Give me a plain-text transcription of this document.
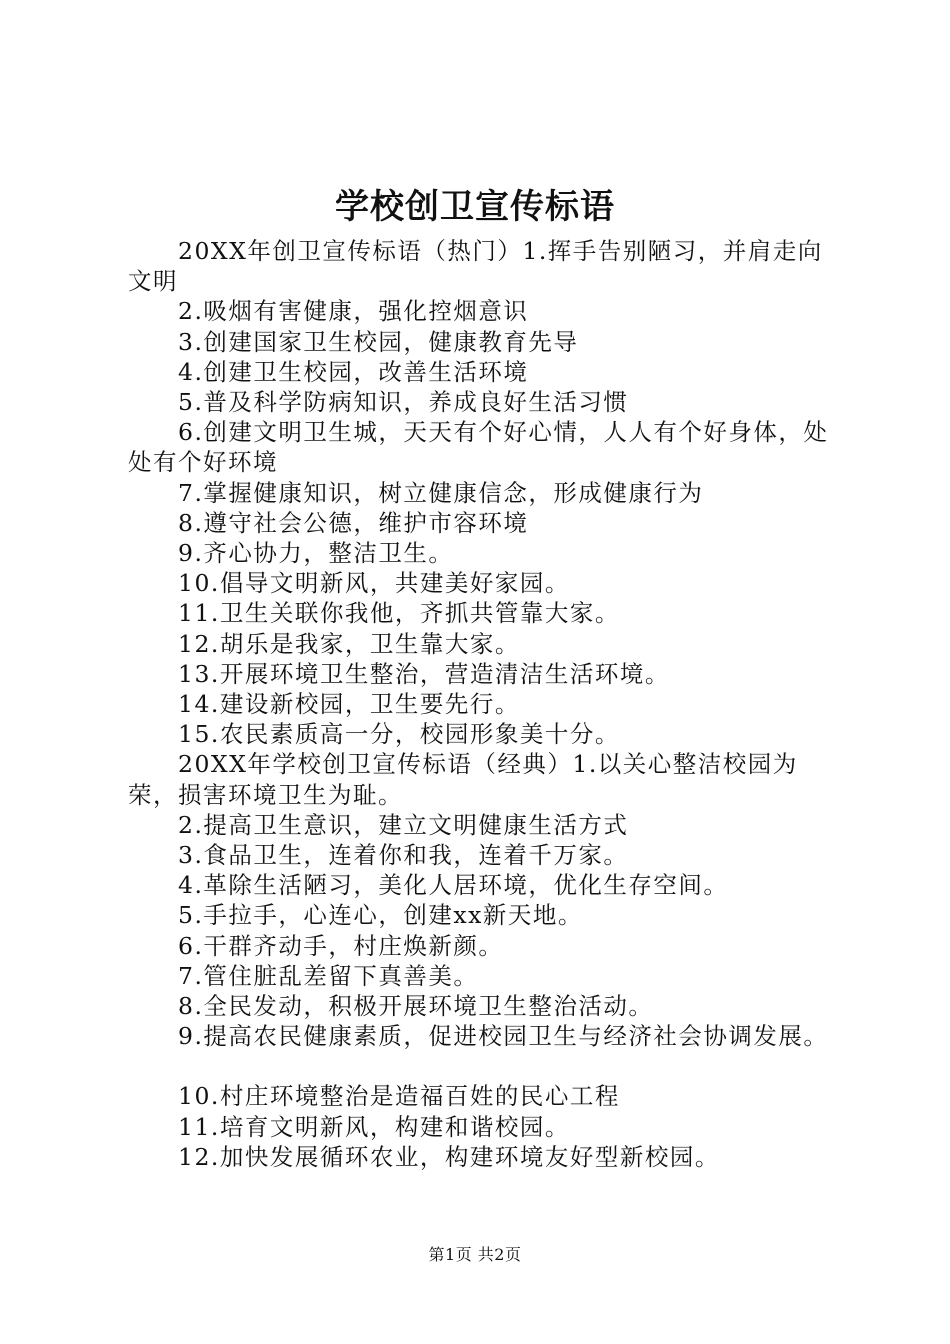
学校创卫宣传标语

20XX年创卫宣传标语（热门）1.挥手告别陋习，并肩走向文明

2.吸烟有害健康，强化控烟意识

3.创建国家卫生校园，健康教育先导

4.创建卫生校园，改善生活环境

5.普及科学防病知识，养成良好生活习惯

6.创建文明卫生城，天天有个好心情，人人有个好身体，处处有个好环境

7.掌握健康知识，树立健康信念，形成健康行为

8.遵守社会公德，维护市容环境

9.齐心协力，整洁卫生。

10.倡导文明新风，共建美好家园。

11.卫生关联你我他，齐抓共管靠大家。

12.胡乐是我家，卫生靠大家。

13.开展环境卫生整治，营造清洁生活环境。

14.建设新校园，卫生要先行。

15.农民素质高一分，校园形象美十分。

20XX年学校创卫宣传标语（经典）1.以关心整洁校园为荣，损害环境卫生为耻。

2.提高卫生意识，建立文明健康生活方式

3.食品卫生，连着你和我，连着千万家。

4.革除生活陋习，美化人居环境，优化生存空间。

5.手拉手，心连心，创建xx新天地。

6.干群齐动手，村庄焕新颜。

7.管住脏乱差留下真善美。

8.全民发动，积极开展环境卫生整治活动。

9.提高农民健康素质，促进校园卫生与经济社会协调发展。

10.村庄环境整治是造福百姓的民心工程

11.培育文明新风，构建和谐校园。

12.加快发展循环农业，构建环境友好型新校园。

第1页 共2页
